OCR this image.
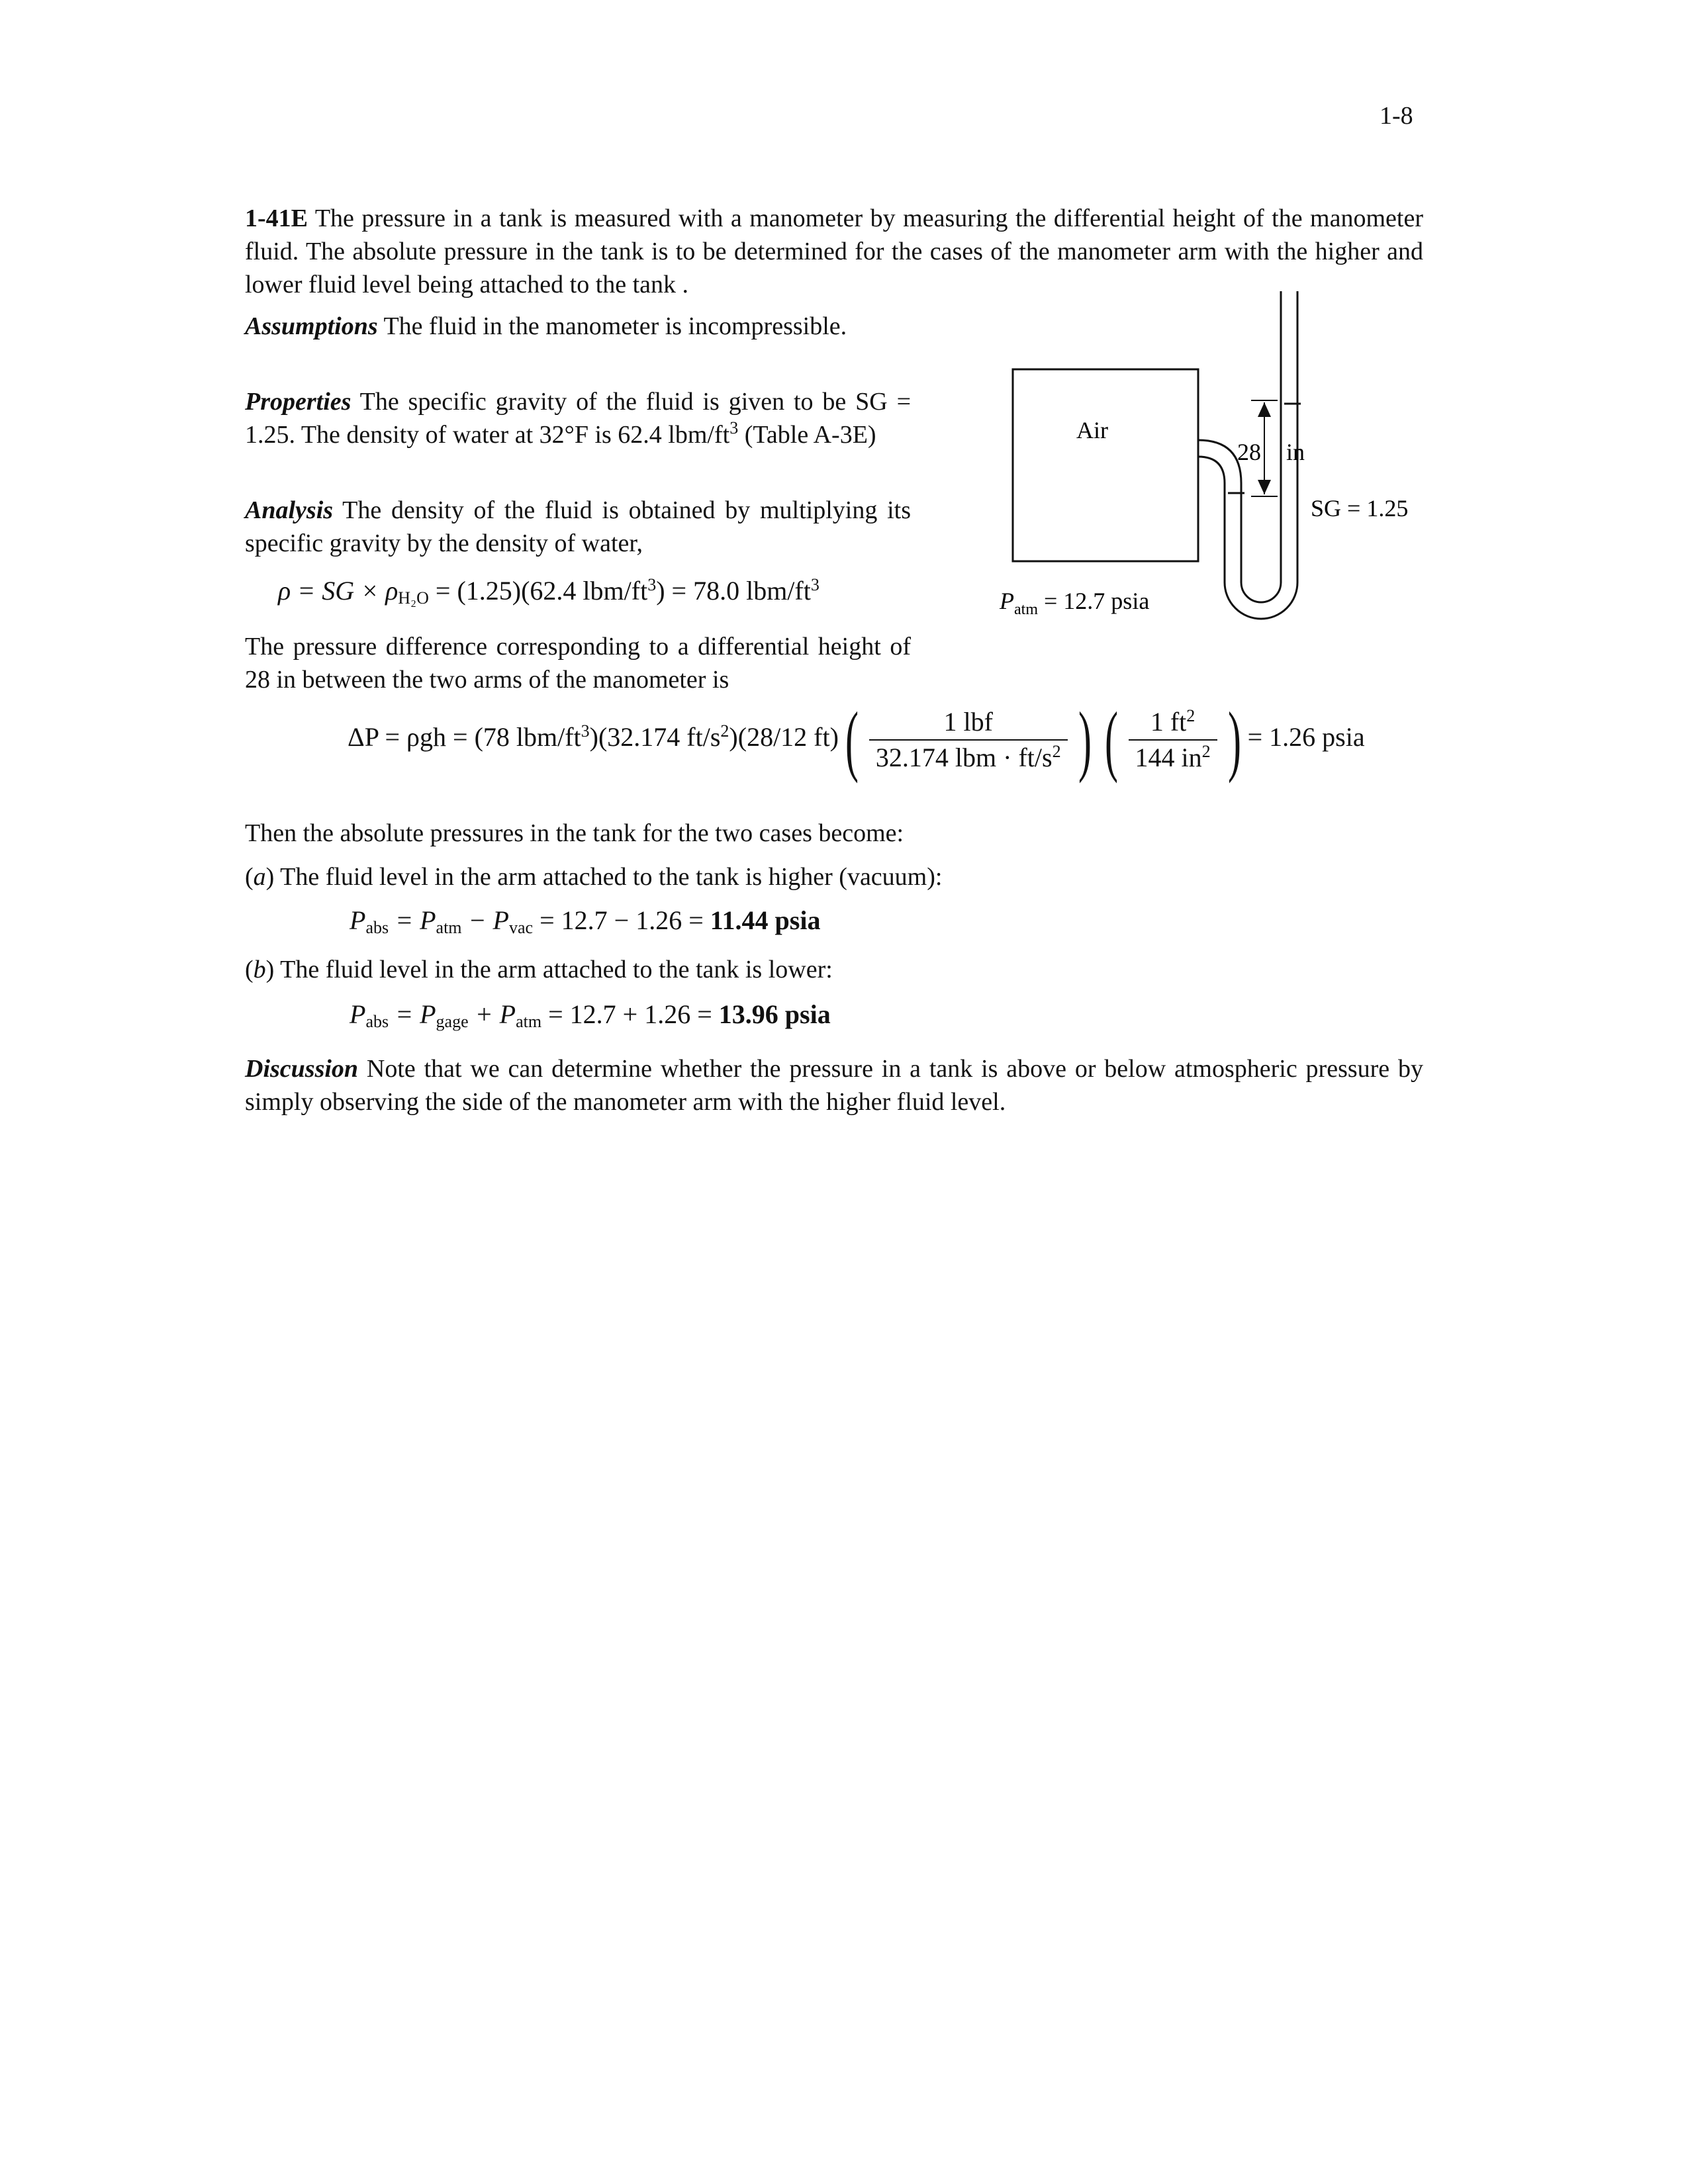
1-8
1-41E The pressure in a tank is measured with a manometer by measuring the differential height of the manometer fluid. The absolute pressure in the tank is to be determined for the cases of the manometer arm with the higher and lower fluid level being attached to the tank .
Assumptions The fluid in the manometer is incompressible.
Properties The specific gravity of the fluid is given to be SG = 1.25. The density of water at 32°F is 62.4 lbm/$ft^3$ (Table A-3E)
Analysis The density of the fluid is obtained by multiplying its specific gravity by the density of water,
ρ = SG × $\rho_{H_2O} = (1.25)(62.4$ lbm/$ft^3) = 78.0$ lbm/$ft^3$
The pressure difference corresponding to a differential height of 28 in between the two arms of the manometer is
ΔP = ρgh = (78 lbm/$ft^3)(32.174$ $ft/s^2)(28/12$ $ft)( \frac{\text{1 lbf}}{32.174 lbm \cdot ft/s^2}$ ) ( $\frac{1 ft^2}{144 in^2}$ ) = 1.26 psia
Then the absolute pressures in the tank for the two cases become:
(a) The fluid level in the arm attached to the tank is higher (vacuum):
$P_{abs} = P_{atm} - P_{vac} = 12.7 - 1.26 = 11.44$ psia
(b) The fluid level in the arm attached to the tank is lower:
$P_{abs} = P_{gage} + P_{atm} = 12.7 + 1.26 = 13.96$ psia
Discussion Note that we can determine whether the pressure in a tank is above or below atmospheric pressure by simply observing the side of the manometer arm with the higher fluid level.
Air
28 in
SG = 1.25
$P_{atm} = 12.7$ psia
